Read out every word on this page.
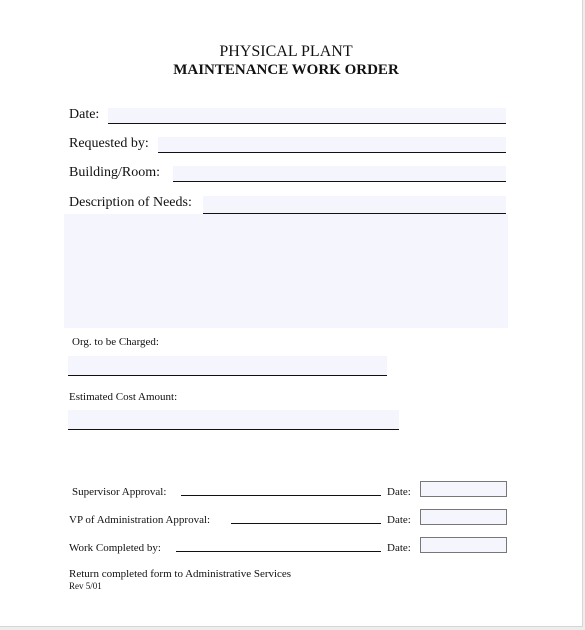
PHYSICAL PLANT
MAINTENANCE WORK ORDER
Date:
Requested by:
Building/Room:
Description of Needs:
Org. to be Charged:
Estimated Cost Amount:
Supervisor Approval:	Date:
VP of Administration Approval:	Date:
Work Completed by:	Date:
Return completed form to Administrative Services
Rev 5/01
